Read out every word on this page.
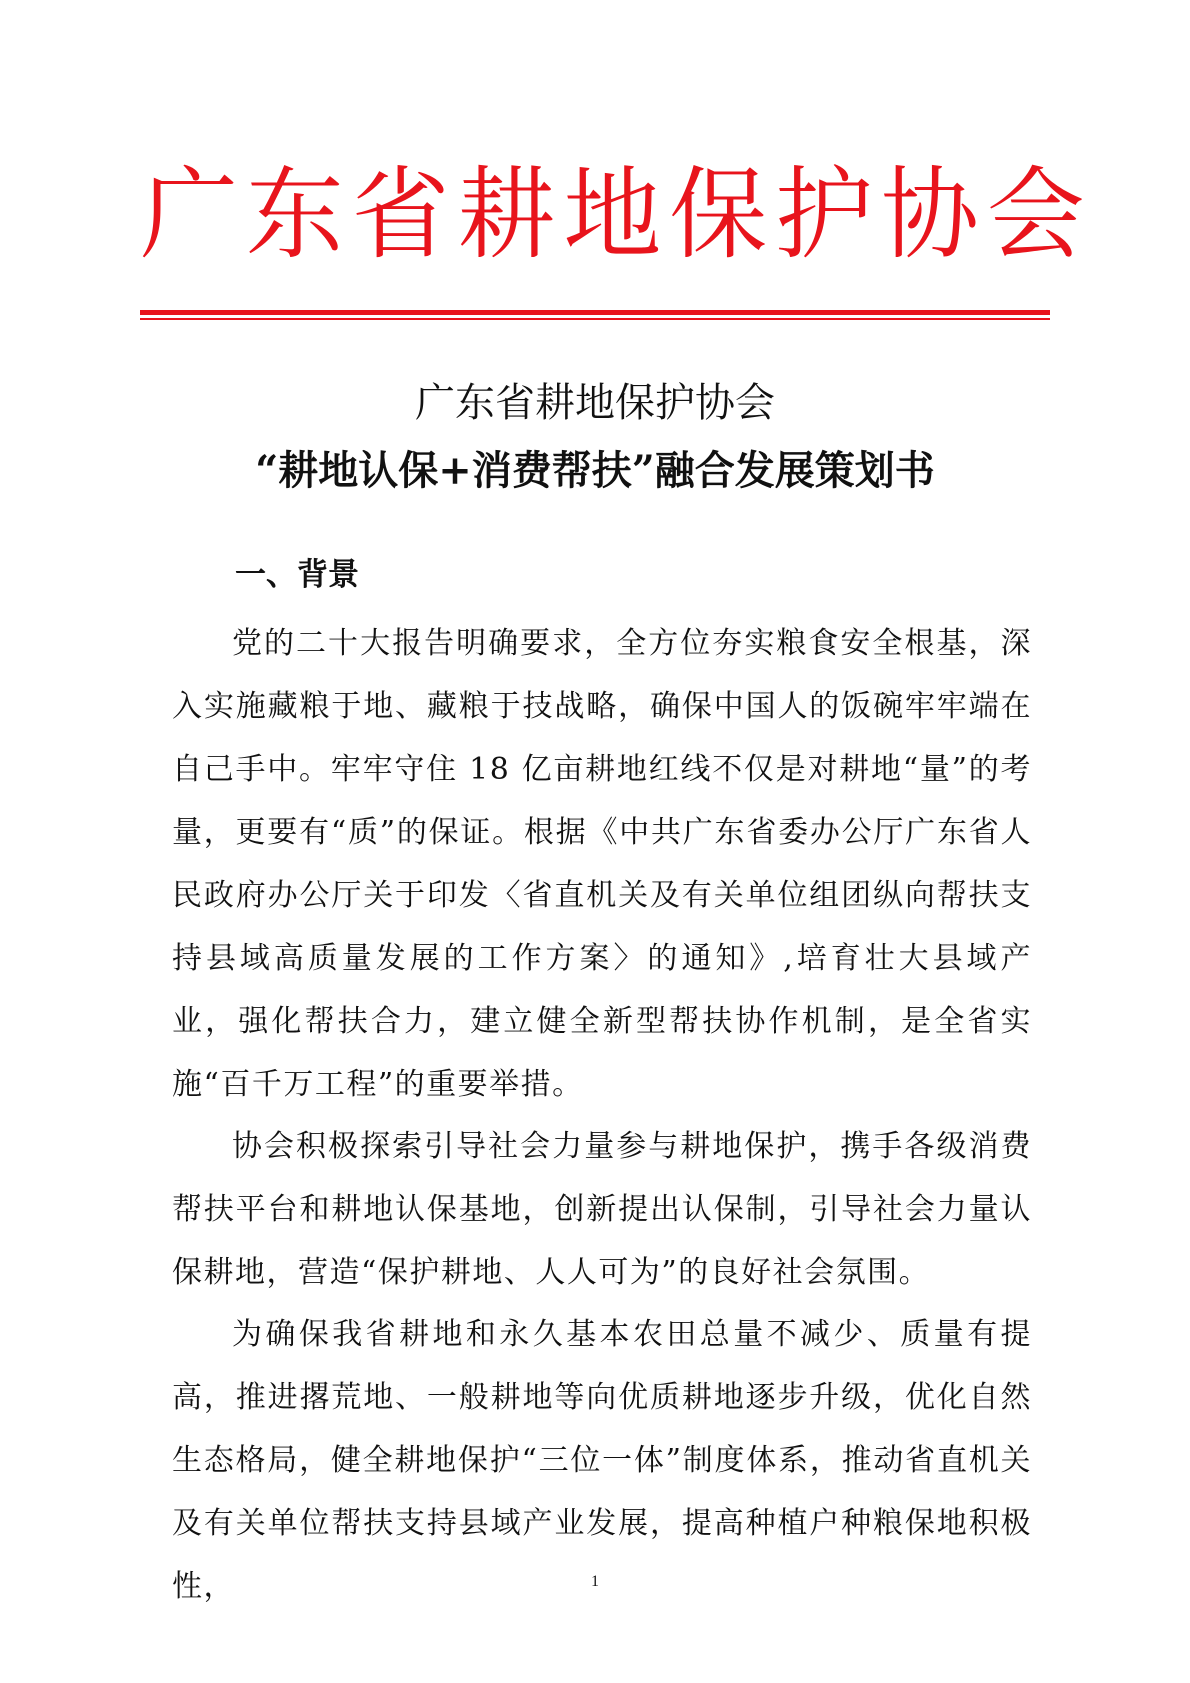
广东省耕地保护协会
广东省耕地保护协会
“耕地认保+消费帮扶”融合发展策划书
一、背景

党的二十大报告明确要求，全方位夯实粮食安全根基，深入实施藏粮于地、藏粮于技战略，确保中国人的饭碗牢牢端在自己手中。牢牢守住 18 亿亩耕地红线不仅是对耕地“量”的考量，更要有“质”的保证。根据《中共广东省委办公厅广东省人民政府办公厅关于印发〈省直机关及有关单位组团纵向帮扶支持县域高质量发展的工作方案〉的通知》,培育壮大县域产业，强化帮扶合力，建立健全新型帮扶协作机制，是全省实施“百千万工程”的重要举措。

协会积极探索引导社会力量参与耕地保护，携手各级消费帮扶平台和耕地认保基地，创新提出认保制，引导社会力量认保耕地，营造“保护耕地、人人可为”的良好社会氛围。

为确保我省耕地和永久基本农田总量不减少、质量有提高，推进撂荒地、一般耕地等向优质耕地逐步升级，优化自然生态格局，健全耕地保护“三位一体”制度体系，推动省直机关及有关单位帮扶支持县域产业发展，提高种植户种粮保地积极性，	1
